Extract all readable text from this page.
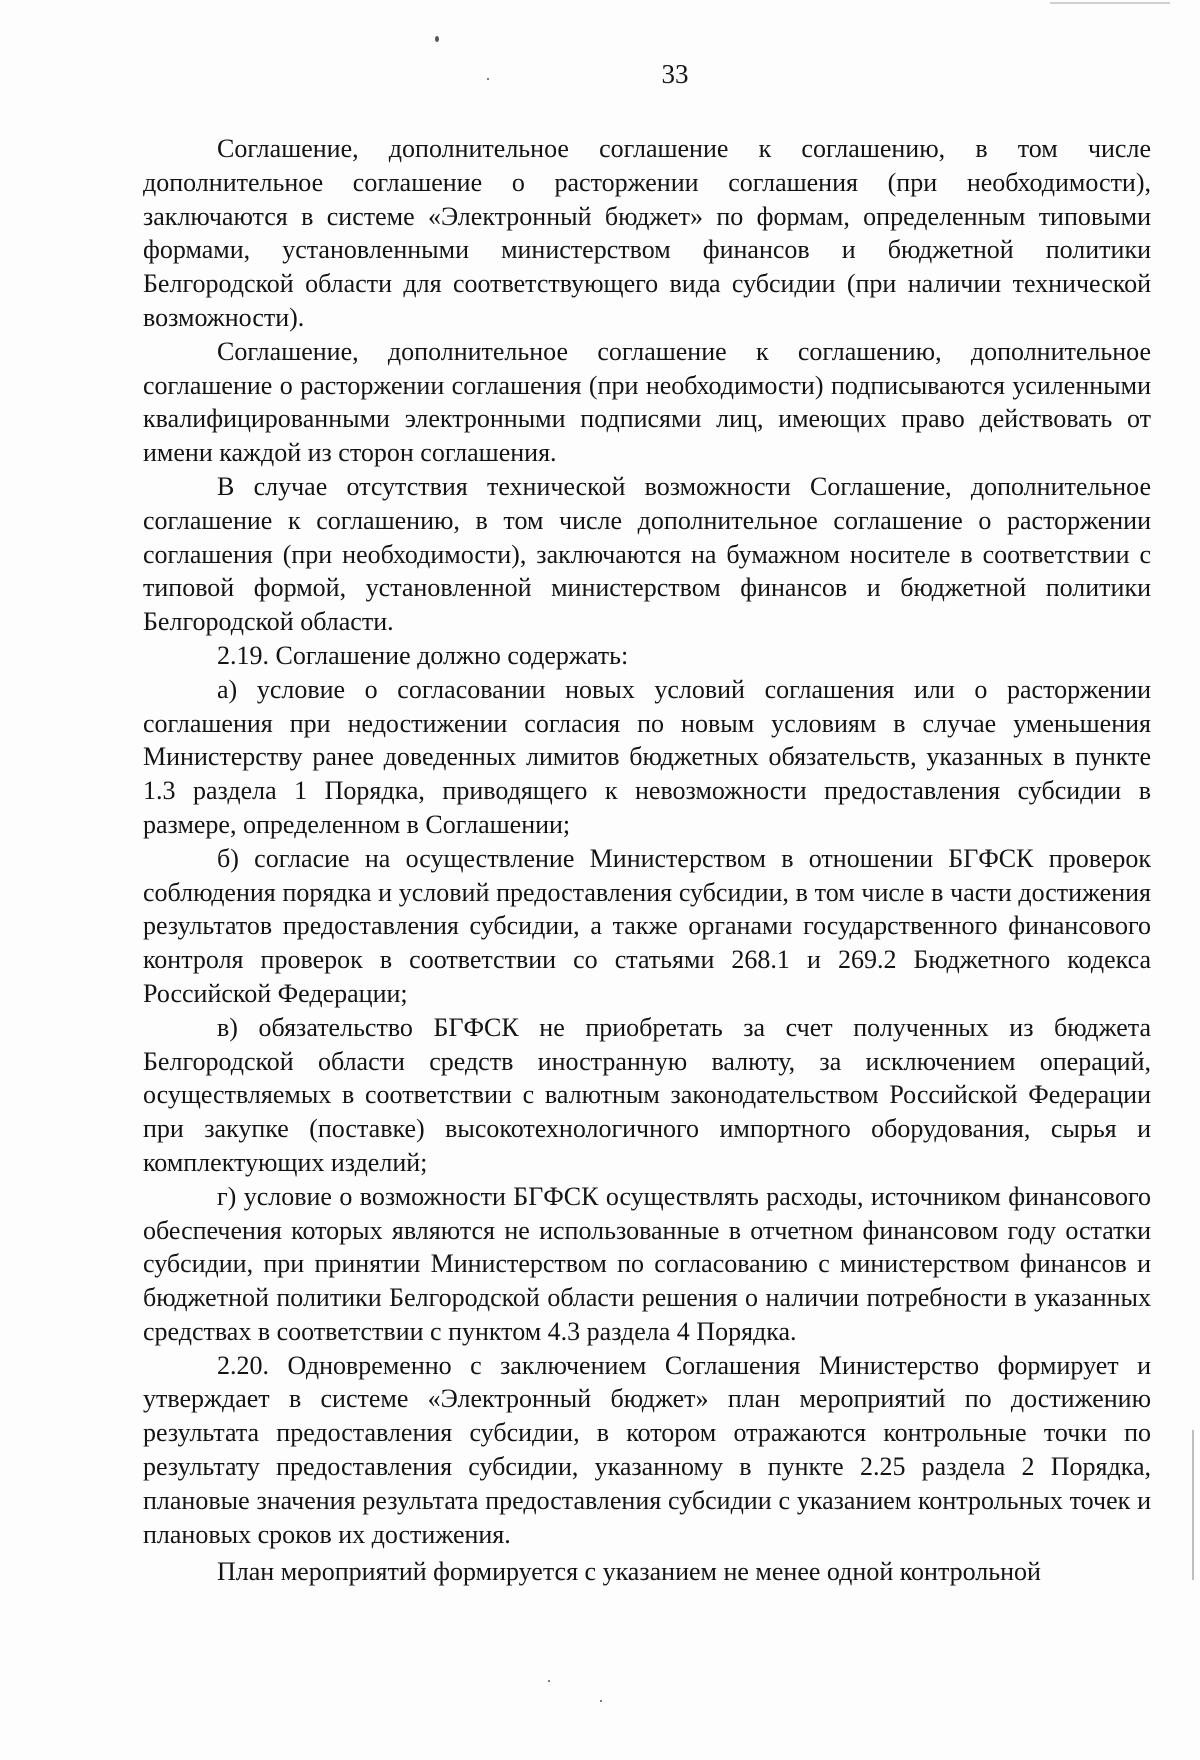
33

Соглашение, дополнительное соглашение к соглашению, в том числе дополнительное соглашение о расторжении соглашения (при необходимости), заключаются в системе «Электронный бюджет» по формам, определенным типовыми формами, установленными министерством финансов и бюджетной политики Белгородской области для соответствующего вида субсидии (при наличии технической возможности).

Соглашение, дополнительное соглашение к соглашению, дополнительное соглашение о расторжении соглашения (при необходимости) подписываются усиленными квалифицированными электронными подписями лиц, имеющих право действовать от имени каждой из сторон соглашения.

В случае отсутствия технической возможности Соглашение, дополнительное соглашение к соглашению, в том числе дополнительное соглашение о расторжении соглашения (при необходимости), заключаются на бумажном носителе в соответствии с типовой формой, установленной министерством финансов и бюджетной политики Белгородской области.

2.19. Соглашение должно содержать:

а) условие о согласовании новых условий соглашения или о расторжении соглашения при недостижении согласия по новым условиям в случае уменьшения Министерству ранее доведенных лимитов бюджетных обязательств, указанных в пункте 1.3 раздела 1 Порядка, приводящего к невозможности предоставления субсидии в размере, определенном в Соглашении;

б) согласие на осуществление Министерством в отношении БГФСК проверок соблюдения порядка и условий предоставления субсидии, в том числе в части достижения результатов предоставления субсидии, а также органами государственного финансового контроля проверок в соответствии со статьями 268.1 и 269.2 Бюджетного кодекса Российской Федерации;

в) обязательство БГФСК не приобретать за счет полученных из бюджета Белгородской области средств иностранную валюту, за исключением операций, осуществляемых в соответствии с валютным законодательством Российской Федерации при закупке (поставке) высокотехнологичного импортного оборудования, сырья и комплектующих изделий;

г) условие о возможности БГФСК осуществлять расходы, источником финансового обеспечения которых являются не использованные в отчетном финансовом году остатки субсидии, при принятии Министерством по согласованию с министерством финансов и бюджетной политики Белгородской области решения о наличии потребности в указанных средствах в соответствии с пунктом 4.3 раздела 4 Порядка.

2.20. Одновременно с заключением Соглашения Министерство формирует и утверждает в системе «Электронный бюджет» план мероприятий по достижению результата предоставления субсидии, в котором отражаются контрольные точки по результату предоставления субсидии, указанному в пункте 2.25 раздела 2 Порядка, плановые значения результата предоставления субсидии с указанием контрольных точек и плановых сроков их достижения.

План мероприятий формируется с указанием не менее одной контрольной
